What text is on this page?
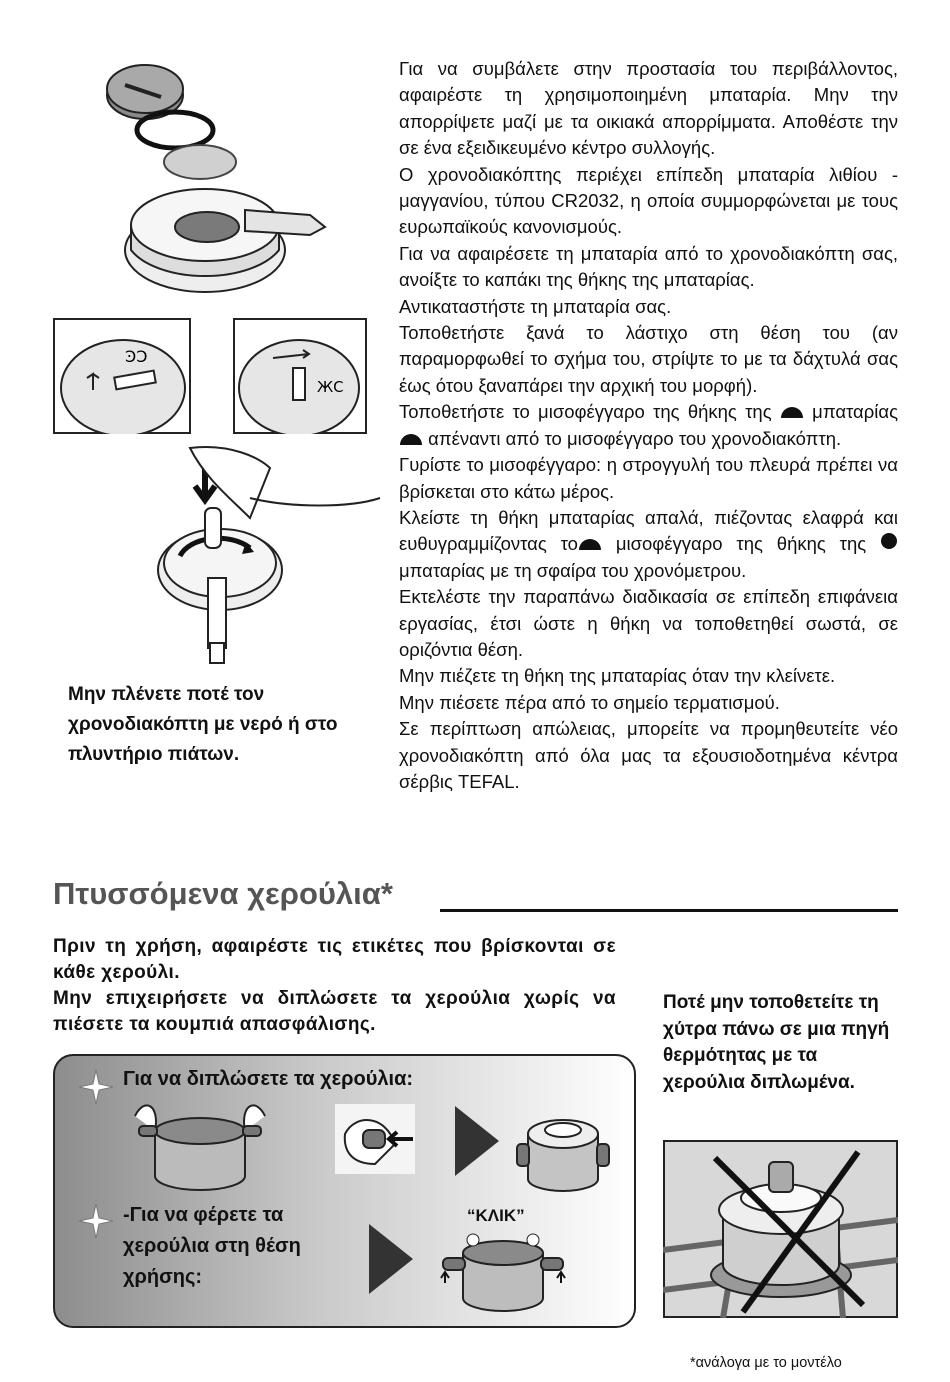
ϿϽ
ЖС
Μην πλένετε ποτέ τον χρονοδιακόπτη με νερό ή στο πλυντήριο πιάτων.

Για να συμβάλετε στην προστασία του περιβάλλοντος, αφαιρέστε τη χρησιμοποιημένη μπαταρία. Μην την απορρίψετε μαζί με τα οικιακά απορρίμματα. Αποθέστε την σε ένα εξειδικευμένο κέντρο συλλογής.

Ο χρονοδιακόπτης περιέχει επίπεδη μπαταρία λιθίου - μαγγανίου, τύπου CR2032, η οποία συμμορφώνεται με τους ευρωπαϊκούς κανονισμούς.

Για να αφαιρέσετε τη μπαταρία από το χρονοδιακόπτη σας, ανοίξτε το καπάκι της θήκης της μπαταρίας.

Αντικαταστήστε τη μπαταρία σας.

Τοποθετήστε ξανά το λάστιχο στη θέση του (αν παραμορφωθεί το σχήμα του, στρίψτε το με τα δάχτυλά σας έως ότου ξαναπάρει την αρχική του μορφή).

Τοποθετήστε το μισοφέγγαρο της θήκης της μπαταρίας  απέναντι από το μισοφέγγαρο του χρονοδιακόπτη.

Γυρίστε το μισοφέγγαρο: η στρογγυλή του πλευρά πρέπει να βρίσκεται στο κάτω μέρος.

Κλείστε τη θήκη μπαταρίας απαλά, πιέζοντας ελαφρά και ευθυγραμμίζοντας το μισοφέγγαρο της θήκης της  μπαταρίας με τη σφαίρα του χρονόμετρου.

Εκτελέστε την παραπάνω διαδικασία σε επίπεδη επιφάνεια εργασίας, έτσι ώστε η θήκη να τοποθετηθεί σωστά, σε οριζόντια θέση.

Μην πιέζετε τη θήκη της μπαταρίας όταν την κλείνετε.

Μην πιέσετε πέρα από το σημείο τερματισμού.

Σε περίπτωση απώλειας, μπορείτε να προμηθευτείτε νέο χρονοδιακόπτη από όλα μας τα εξουσιοδοτημένα κέντρα σέρβις TEFAL.

Πτυσσόμενα χερούλια*
Πριν τη χρήση, αφαιρέστε τις ετικέτες που βρίσκονται σε κάθε χερούλι.
Μην επιχειρήσετε να διπλώσετε τα χερούλια χωρίς να πιέσετε τα κουμπιά απασφάλισης.
Ποτέ μην τοποθετείτε τη χύτρα πάνω σε μια πηγή θερμότητας με τα χερούλια διπλωμένα.
Για να διπλώσετε τα χερούλια:
-Για να φέρετε τα χερούλια στη θέση χρήσης:
“ΚΛΙΚ”
*ανάλογα με το μοντέλο
